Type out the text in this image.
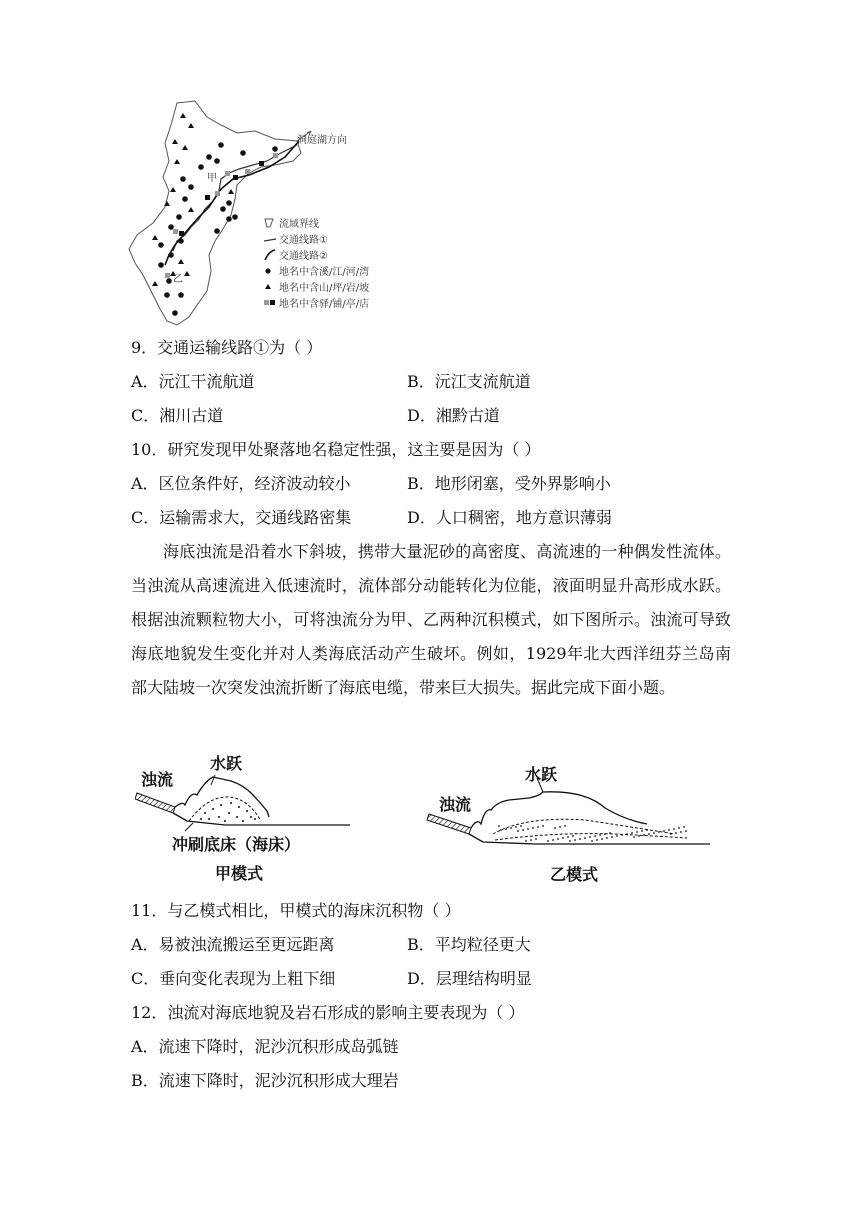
洞庭湖方向
甲
乙
流域界线
交通线路①
交通线路②
地名中含溪/江/河/湾
地名中含山/坪/岩/坡
地名中含驿/铺/亭/店
9．交通运输线路①为（ ）
A．沅江干流航道	B．沅江支流航道
C．湘川古道	D．湘黔古道
10．研究发现甲处聚落地名稳定性强，这主要是因为（ ）
A．区位条件好，经济波动较小	B．地形闭塞，受外界影响小
C．运输需求大，交通线路密集	D．人口稠密，地方意识薄弱

海底浊流是沿着水下斜坡，携带大量泥砂的高密度、高流速的一种偶发性流体。当浊流从高速流进入低速流时，流体部分动能转化为位能，液面明显升高形成水跃。根据浊流颗粒物大小，可将浊流分为甲、乙两种沉积模式，如下图所示。浊流可导致海底地貌发生变化并对人类海底活动产生破坏。例如，1929年北大西洋纽芬兰岛南部大陆坡一次突发浊流折断了海底电缆，带来巨大损失。据此完成下面小题。

浊流
水跃
冲刷底床（海床）
甲模式
浊流
水跃
乙模式
11．与乙模式相比，甲模式的海床沉积物（ ）
A．易被浊流搬运至更远距离	B．平均粒径更大
C．垂向变化表现为上粗下细	D．层理结构明显
12．浊流对海底地貌及岩石形成的影响主要表现为（ ）
A．流速下降时，泥沙沉积形成岛弧链
B．流速下降时，泥沙沉积形成大理岩
